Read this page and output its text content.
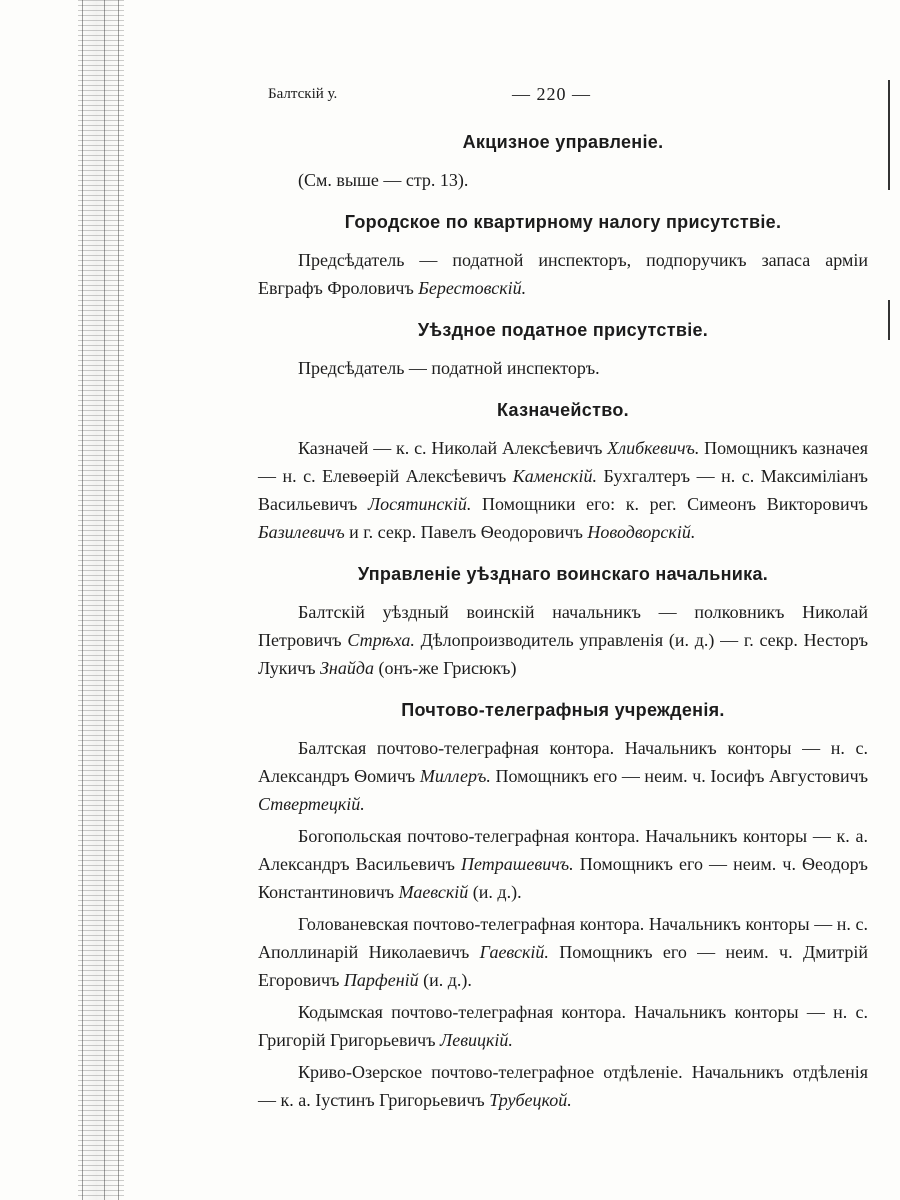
Балтскій у.	— 220 —
Акцизное управленіе.

(См. выше — стр. 13).

Городское по квартирному налогу присутствіе.

Предсѣдатель — податной инспекторъ, подпоручикъ запаса арміи Евграфъ Фроловичъ Берестовскій.

Уѣздное податное присутствіе.

Предсѣдатель — податной инспекторъ.

Казначейство.

Казначей — к. с. Николай Алексѣевичъ Хлибкевичъ. Помощникъ казначея — н. с. Елевѳерій Алексѣевичъ Каменскій. Бухгалтеръ — н. с. Максиміліанъ Васильевичъ Лосятинскій. Помощники его: к. рег. Симеонъ Викторовичъ Базилевичъ и г. секр. Павелъ Ѳеодоровичъ Новодворскій.

Управленіе уѣзднаго воинскаго начальника.

Балтскій уѣздный воинскій начальникъ — полковникъ Николай Петровичъ Стрѣха. Дѣлопроизводитель управленія (и. д.) — г. секр. Несторъ Лукичъ Знайда (онъ-же Грисюкъ)

Почтово-телеграфныя учрежденія.

Балтская почтово-телеграфная контора. Начальникъ конторы — н. с. Александръ Ѳомичъ Миллеръ. Помощникъ его — неим. ч. Іосифъ Августовичъ Ствертецкій.

Богопольская почтово-телеграфная контора. Начальникъ конторы — к. а. Александръ Васильевичъ Петрашевичъ. Помощникъ его — неим. ч. Ѳеодоръ Константиновичъ Маевскій (и. д.).

Голованевская почтово-телеграфная контора. Начальникъ конторы — н. с. Аполлинарій Николаевичъ Гаевскій. Помощникъ его — неим. ч. Дмитрій Егоровичъ Парфеній (и. д.).

Кодымская почтово-телеграфная контора. Начальникъ конторы — н. с. Григорій Григорьевичъ Левицкій.

Криво-Озерское почтово-телеграфное отдѣленіе. Начальникъ отдѣленія — к. а. Іустинъ Григорьевичъ Трубецкой.
